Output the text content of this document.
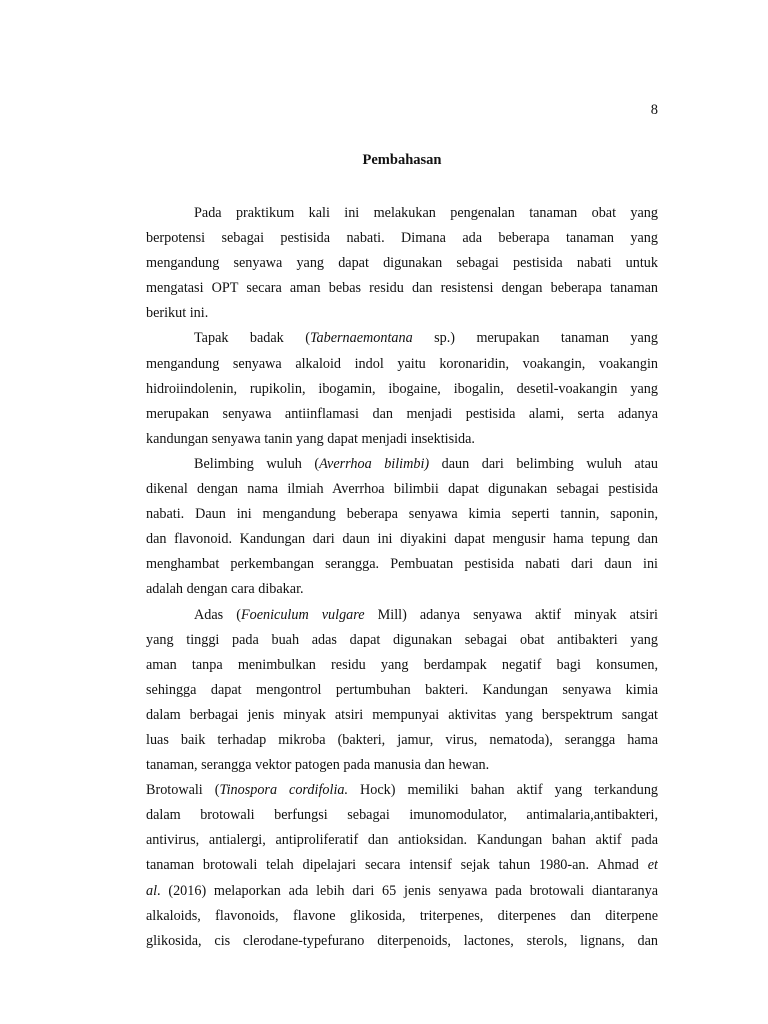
8
Pembahasan
Pada praktikum kali ini melakukan pengenalan tanaman obat yang
berpotensi sebagai pestisida nabati. Dimana ada beberapa tanaman yang
mengandung senyawa yang dapat digunakan sebagai pestisida nabati untuk
mengatasi OPT secara aman bebas residu dan resistensi dengan beberapa tanaman
berikut ini.
Tapak badak (Tabernaemontana sp.) merupakan tanaman yang
mengandung senyawa alkaloid indol yaitu koronaridin, voakangin, voakangin
hidroiindolenin, rupikolin, ibogamin, ibogaine, ibogalin, desetil-voakangin yang
merupakan senyawa antiinflamasi dan menjadi pestisida alami, serta adanya
kandungan senyawa tanin yang dapat menjadi insektisida.
Belimbing wuluh (Averrhoa bilimbi) daun dari belimbing wuluh atau
dikenal dengan nama ilmiah Averrhoa bilimbii dapat digunakan sebagai pestisida
nabati. Daun ini mengandung beberapa senyawa kimia seperti tannin, saponin,
dan flavonoid. Kandungan dari daun ini diyakini dapat mengusir hama tepung dan
menghambat perkembangan serangga. Pembuatan pestisida nabati dari daun ini
adalah dengan cara dibakar.
Adas (Foeniculum vulgare Mill) adanya senyawa aktif minyak atsiri
yang tinggi pada buah adas dapat digunakan sebagai obat antibakteri yang
aman tanpa menimbulkan residu yang berdampak negatif bagi konsumen,
sehingga dapat mengontrol pertumbuhan bakteri. Kandungan senyawa kimia
dalam berbagai jenis minyak atsiri mempunyai aktivitas yang berspektrum sangat
luas baik terhadap mikroba (bakteri, jamur, virus, nematoda), serangga hama
tanaman, serangga vektor patogen pada manusia dan hewan.
Brotowali (Tinospora cordifolia. Hock) memiliki bahan aktif yang terkandung
dalam brotowali berfungsi sebagai imunomodulator, antimalaria,antibakteri,
antivirus, antialergi, antiproliferatif dan antioksidan. Kandungan bahan aktif pada
tanaman brotowali telah dipelajari secara intensif sejak tahun 1980-an. Ahmad et
al. (2016) melaporkan ada lebih dari 65 jenis senyawa pada brotowali diantaranya
alkaloids, flavonoids, flavone glikosida, triterpenes, diterpenes dan diterpene
glikosida, cis clerodane-typefurano diterpenoids, lactones, sterols, lignans, dan
